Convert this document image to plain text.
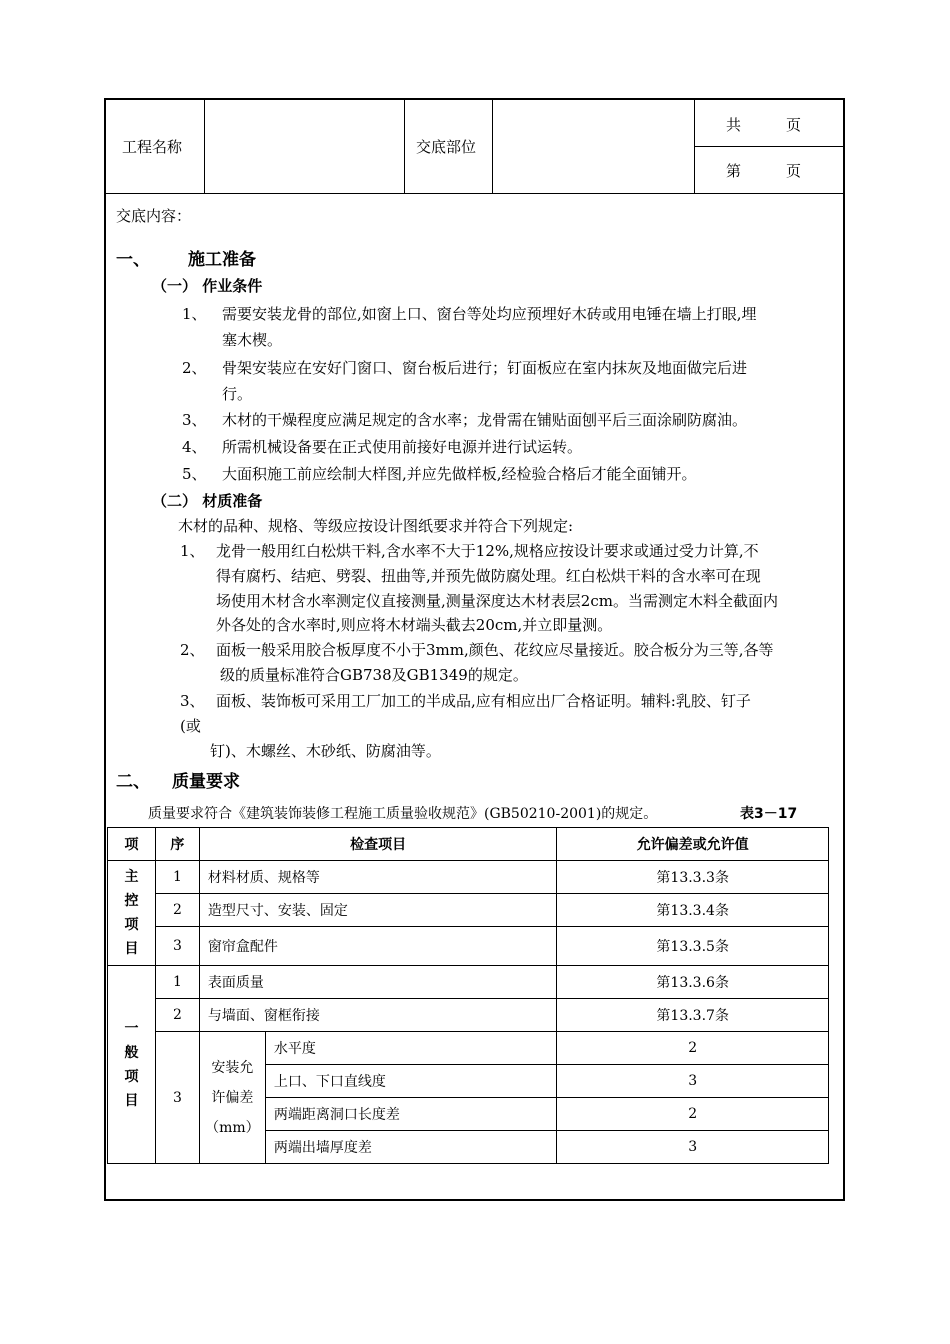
工程名称	交底部位
共　　　页
第　　　页
交底内容：
一、 施工准备
（一） 作业条件
1、 需要安装龙骨的部位,如窗上口、窗台等处均应预埋好木砖或用电锤在墙上打眼,埋
塞木楔。
2、 骨架安装应在安好门窗口、窗台板后进行；钉面板应在室内抹灰及地面做完后进
行。
3、 木材的干燥程度应满足规定的含水率；龙骨需在铺贴面刨平后三面涂刷防腐油。
4、 所需机械设备要在正式使用前接好电源并进行试运转。
5、 大面积施工前应绘制大样图,并应先做样板,经检验合格后才能全面铺开。
（二） 材质准备
木材的品种、规格、等级应按设计图纸要求并符合下列规定:
1、 龙骨一般用红白松烘干料,含水率不大于12%,规格应按设计要求或通过受力计算,不
得有腐朽、结疤、劈裂、扭曲等,并预先做防腐处理。红白松烘干料的含水率可在现
场使用木材含水率测定仪直接测量,测量深度达木材表层2cm。当需测定木料全截面内
外各处的含水率时,则应将木材端头截去20cm,并立即量测。
2、 面板一般采用胶合板厚度不小于3mm,颜色、花纹应尽量接近。胶合板分为三等,各等
级的质量标准符合GB738及GB1349的规定。
3、 面板、装饰板可采用工厂加工的半成品,应有相应出厂合格证明。辅料:乳胶、钉子
(或
钉)、木螺丝、木砂纸、防腐油等。
二、 质量要求
质量要求符合《建筑装饰装修工程施工质量验收规范》(GB50210-2001)的规定。	表3－17
项	序	检查项目		允许偏差或允许值

主控项目	1	材料材质、规格等		第13.3.3条
	2	造型尺寸、安装、固定		第13.3.4条
	3	窗帘盒配件		第13.3.5条

一般项目	1	表面质量		第13.3.6条
	2	与墙面、窗框衔接		第13.3.7条
	3	安装允
许偏差
（mm）	水平度	2
			上口、下口直线度	3
			两端距离洞口长度差	2
			两端出墙厚度差	3
